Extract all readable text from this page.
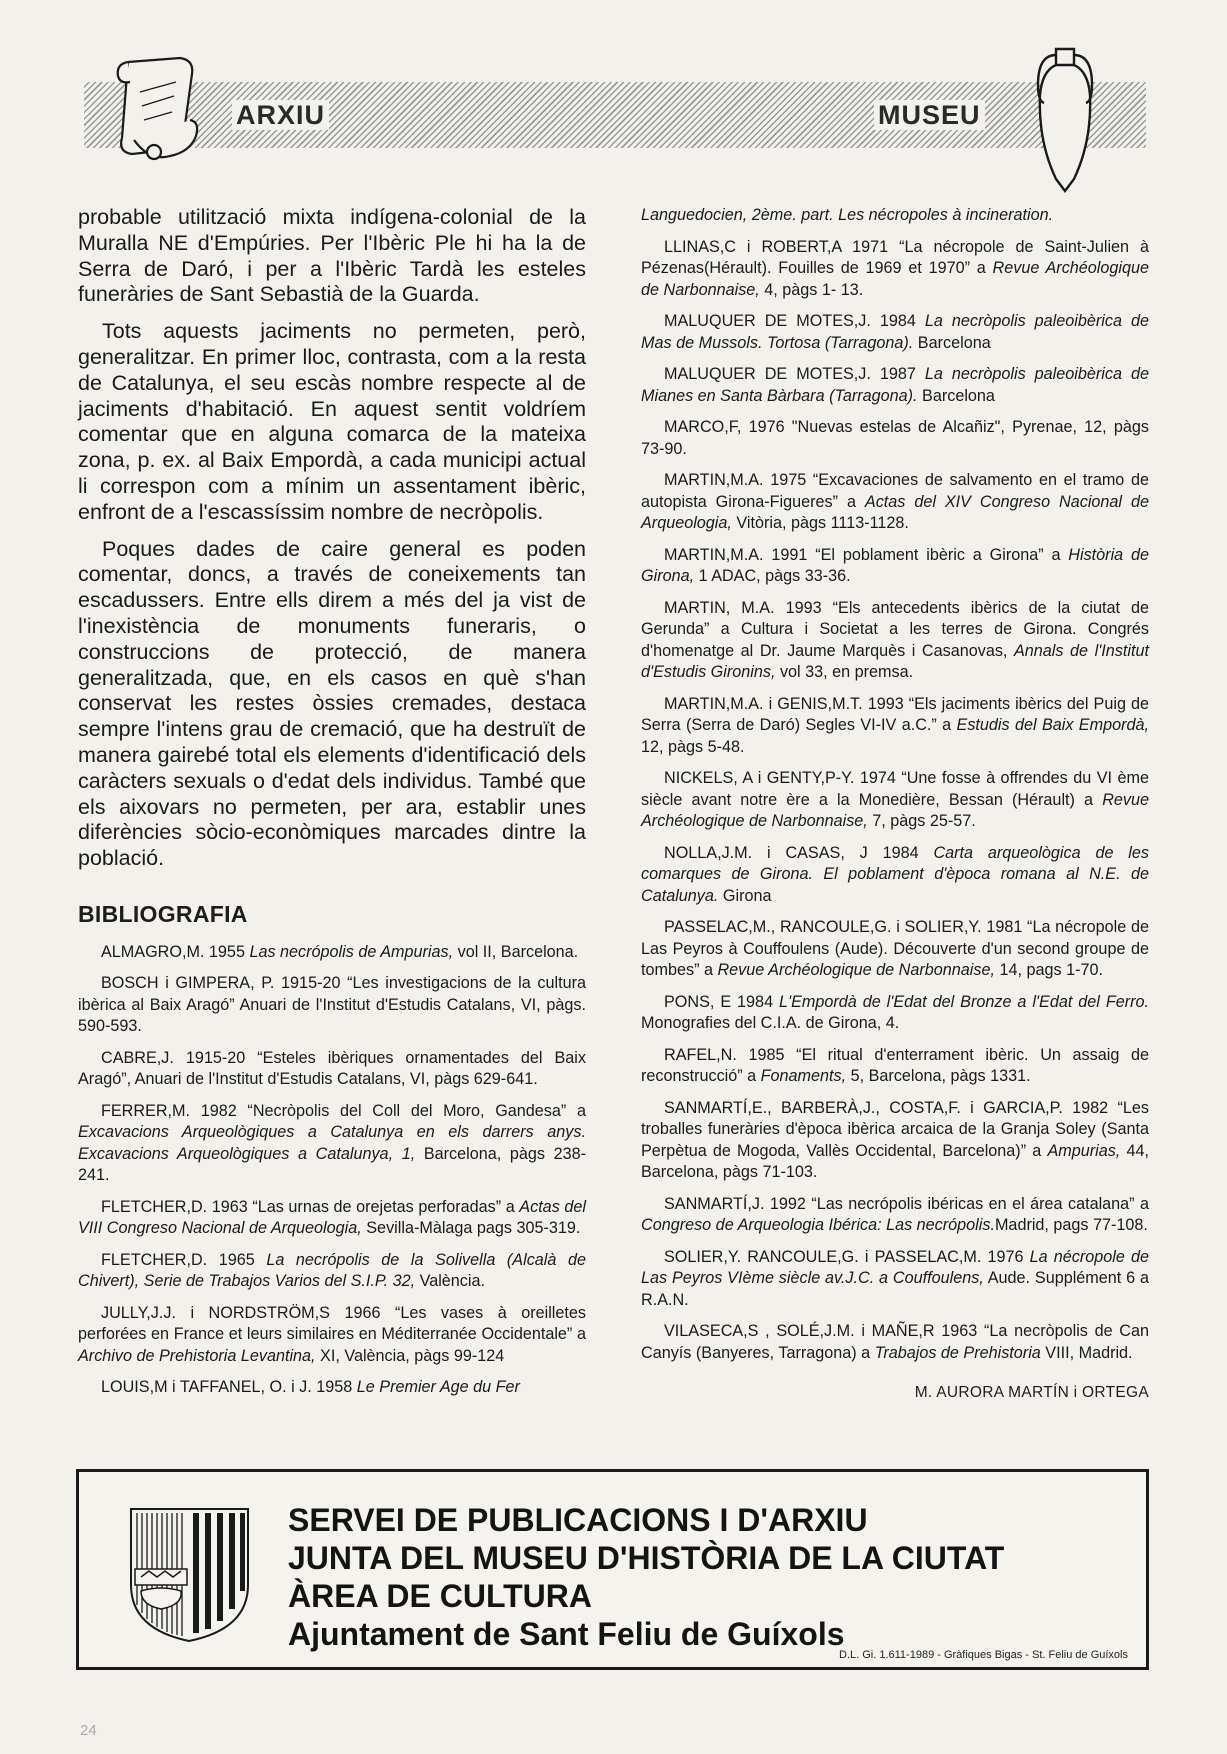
ARXIU	MUSEU

probable utilització mixta indígena-colonial de la Muralla NE d'Empúries. Per l'Ibèric Ple hi ha la de Serra de Daró, i per a l'Ibèric Tardà les esteles funeràries de Sant Sebastià de la Guarda.

Tots aquests jaciments no permeten, però, generalitzar. En primer lloc, contrasta, com a la resta de Catalunya, el seu escàs nombre respecte al de jaciments d'habitació. En aquest sentit voldríem comentar que en alguna comarca de la mateixa zona, p. ex. al Baix Empordà, a cada municipi actual li correspon com a mínim un assentament ibèric, enfront de a l'escassíssim nombre de necròpolis.

Poques dades de caire general es poden comentar, doncs, a través de coneixements tan escadussers. Entre ells direm a més del ja vist de l'inexistència de monuments funeraris, o construccions de protecció, de manera generalitzada, que, en els casos en què s'han conservat les restes òssies cremades, destaca sempre l'intens grau de cremació, que ha destruït de manera gairebé total els elements d'identificació dels caràcters sexuals o d'edat dels individus. També que els aixovars no permeten, per ara, establir unes diferències sòcio-econòmiques marcades dintre la població.

BIBLIOGRAFIA

ALMAGRO,M. 1955 Las necrópolis de Ampurias, vol II, Barcelona.

BOSCH i GIMPERA, P. 1915-20 “Les investigacions de la cultura ibèrica al Baix Aragó” Anuari de l'Institut d'Estudis Catalans, VI, pàgs. 590-593.

CABRE,J. 1915-20 “Esteles ibèriques ornamentades del Baix Aragó”, Anuari de l'Institut d'Estudis Catalans, VI, pàgs 629-641.

FERRER,M. 1982 “Necròpolis del Coll del Moro, Gandesa” a Excavacions Arqueològiques a Catalunya en els darrers anys. Excavacions Arqueològiques a Catalunya, 1, Barcelona, pàgs 238-241.

FLETCHER,D. 1963 “Las urnas de orejetas perforadas” a Actas del VIII Congreso Nacional de Arqueologia, Sevilla-Màlaga pags 305-319.

FLETCHER,D. 1965 La necrópolis de la Solivella (Alcalà de Chivert), Serie de Trabajos Varios del S.I.P. 32, València.

JULLY,J.J. i NORDSTRÖM,S 1966 “Les vases à oreilletes perforées en France et leurs similaires en Méditerranée Occidentale” a Archivo de Prehistoria Levantina, XI, València, pàgs 99-124

LOUIS,M i TAFFANEL, O. i J. 1958 Le Premier Age du Fer

Languedocien, 2ème. part. Les nécropoles à incineration.

LLINAS,C i ROBERT,A 1971 “La nécropole de Saint-Julien à Pézenas(Hérault). Fouilles de 1969 et 1970” a Revue Archéologique de Narbonnaise, 4, pàgs 1- 13.

MALUQUER DE MOTES,J. 1984 La necròpolis paleoibèrica de Mas de Mussols. Tortosa (Tarragona). Barcelona

MALUQUER DE MOTES,J. 1987 La necròpolis paleoibèrica de Mianes en Santa Bàrbara (Tarragona). Barcelona

MARCO,F, 1976 "Nuevas estelas de Alcañiz", Pyrenae, 12, pàgs 73-90.

MARTIN,M.A. 1975 “Excavaciones de salvamento en el tramo de autopista Girona-Figueres” a Actas del XIV Congreso Nacional de Arqueologia, Vitòria, pàgs 1113-1128.

MARTIN,M.A. 1991 “El poblament ibèric a Girona” a Història de Girona, 1 ADAC, pàgs 33-36.

MARTIN, M.A. 1993 “Els antecedents ibèrics de la ciutat de Gerunda” a Cultura i Societat a les terres de Girona. Congrés d'homenatge al Dr. Jaume Marquès i Casanovas, Annals de l'Institut d'Estudis Gironins, vol 33, en premsa.

MARTIN,M.A. i GENIS,M.T. 1993 “Els jaciments ibèrics del Puig de Serra (Serra de Daró) Segles VI-IV a.C.” a Estudis del Baix Empordà, 12, pàgs 5-48.

NICKELS, A i GENTY,P-Y. 1974 “Une fosse à offrendes du VI ème siècle avant notre ère a la Monedière, Bessan (Hérault) a Revue Archéologique de Narbonnaise, 7, pàgs 25-57.

NOLLA,J.M. i CASAS, J 1984 Carta arqueològica de les comarques de Girona. El poblament d'època romana al N.E. de Catalunya. Girona

PASSELAC,M., RANCOULE,G. i SOLIER,Y. 1981 “La nécropole de Las Peyros à Couffoulens (Aude). Découverte d'un second groupe de tombes” a Revue Archéologique de Narbonnaise, 14, pags 1-70.

PONS, E 1984 L'Empordà de l'Edat del Bronze a l'Edat del Ferro. Monografies del C.I.A. de Girona, 4.

RAFEL,N. 1985 “El ritual d'enterrament ibèric. Un assaig de reconstrucció” a Fonaments, 5, Barcelona, pàgs 1331.

SANMARTÍ,E., BARBERÀ,J., COSTA,F. i GARCIA,P. 1982 “Les troballes funeràries d'època ibèrica arcaica de la Granja Soley (Santa Perpètua de Mogoda, Vallès Occidental, Barcelona)” a Ampurias, 44, Barcelona, pàgs 71-103.

SANMARTÍ,J. 1992 “Las necrópolis ibéricas en el área catalana” a Congreso de Arqueologia Ibérica: Las necrópolis.Madrid, pags 77-108.

SOLIER,Y. RANCOULE,G. i PASSELAC,M. 1976 La nécropole de Las Peyros VIème siècle av.J.C. a Couffoulens, Aude. Supplément 6 a R.A.N.

VILASECA,S , SOLÉ,J.M. i MAÑE,R 1963 “La necròpolis de Can Canyís (Banyeres, Tarragona) a Trabajos de Prehistoria VIII, Madrid.

M. AURORA MARTÍN i ORTEGA
SERVEI DE PUBLICACIONS I D'ARXIU
JUNTA DEL MUSEU D'HISTÒRIA DE LA CIUTAT
ÀREA DE CULTURA
Ajuntament de Sant Feliu de Guíxols
D.L. Gi. 1.611-1989 - Gràfiques Bigas - St. Feliu de Guíxols
24
